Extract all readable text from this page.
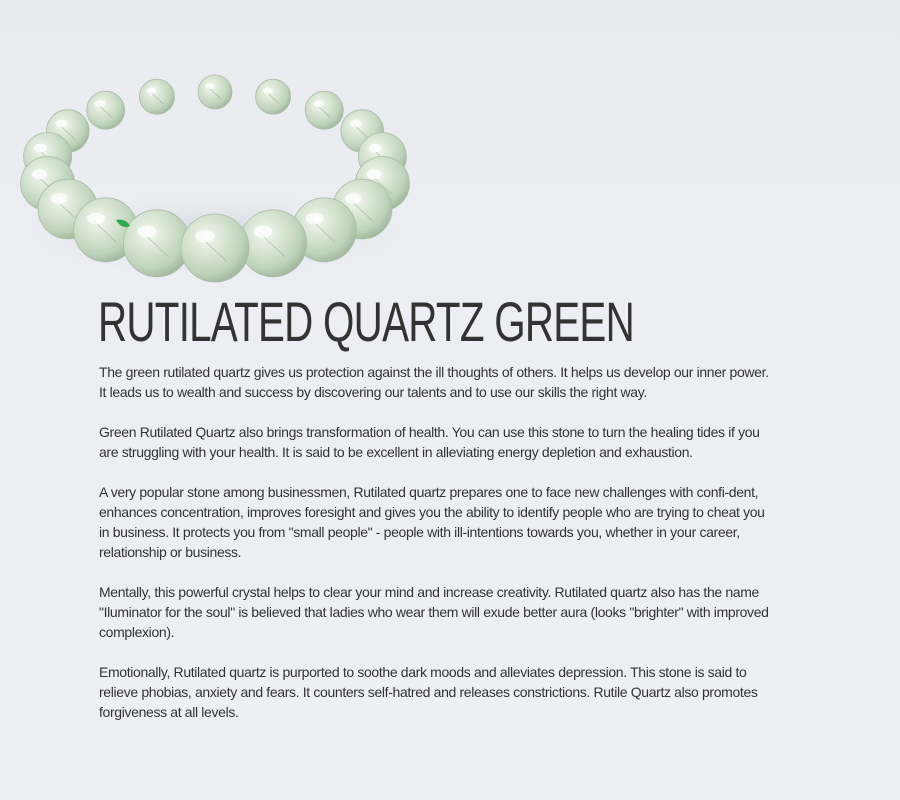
RUTILATED QUARTZ GREEN

The green rutilated quartz gives us protection against the ill thoughts of others. It helps us develop our inner power. It leads us to wealth and success by discovering our talents and to use our skills the right way.

Green Rutilated Quartz also brings transformation of health. You can use this stone to turn the healing tides if you are struggling with your health. It is said to be excellent in alleviating energy depletion and exhaustion.

A very popular stone among businessmen, Rutilated quartz prepares one to face new challenges with confi-dent, enhances concentration, improves foresight and gives you the ability to identify people who are trying to cheat you in business. It protects you from "small people" - people with ill-intentions towards you, whether in your career, relationship or business.

Mentally, this powerful crystal helps to clear your mind and increase creativity. Rutilated quartz also has the name "Iluminator for the soul" is believed that ladies who wear them will exude better aura (looks "brighter" with improved complexion).

Emotionally, Rutilated quartz is purported to soothe dark moods and alleviates depression. This stone is said to relieve phobias, anxiety and fears. It counters self-hatred and releases constrictions. Rutile Quartz also promotes forgiveness at all levels.
